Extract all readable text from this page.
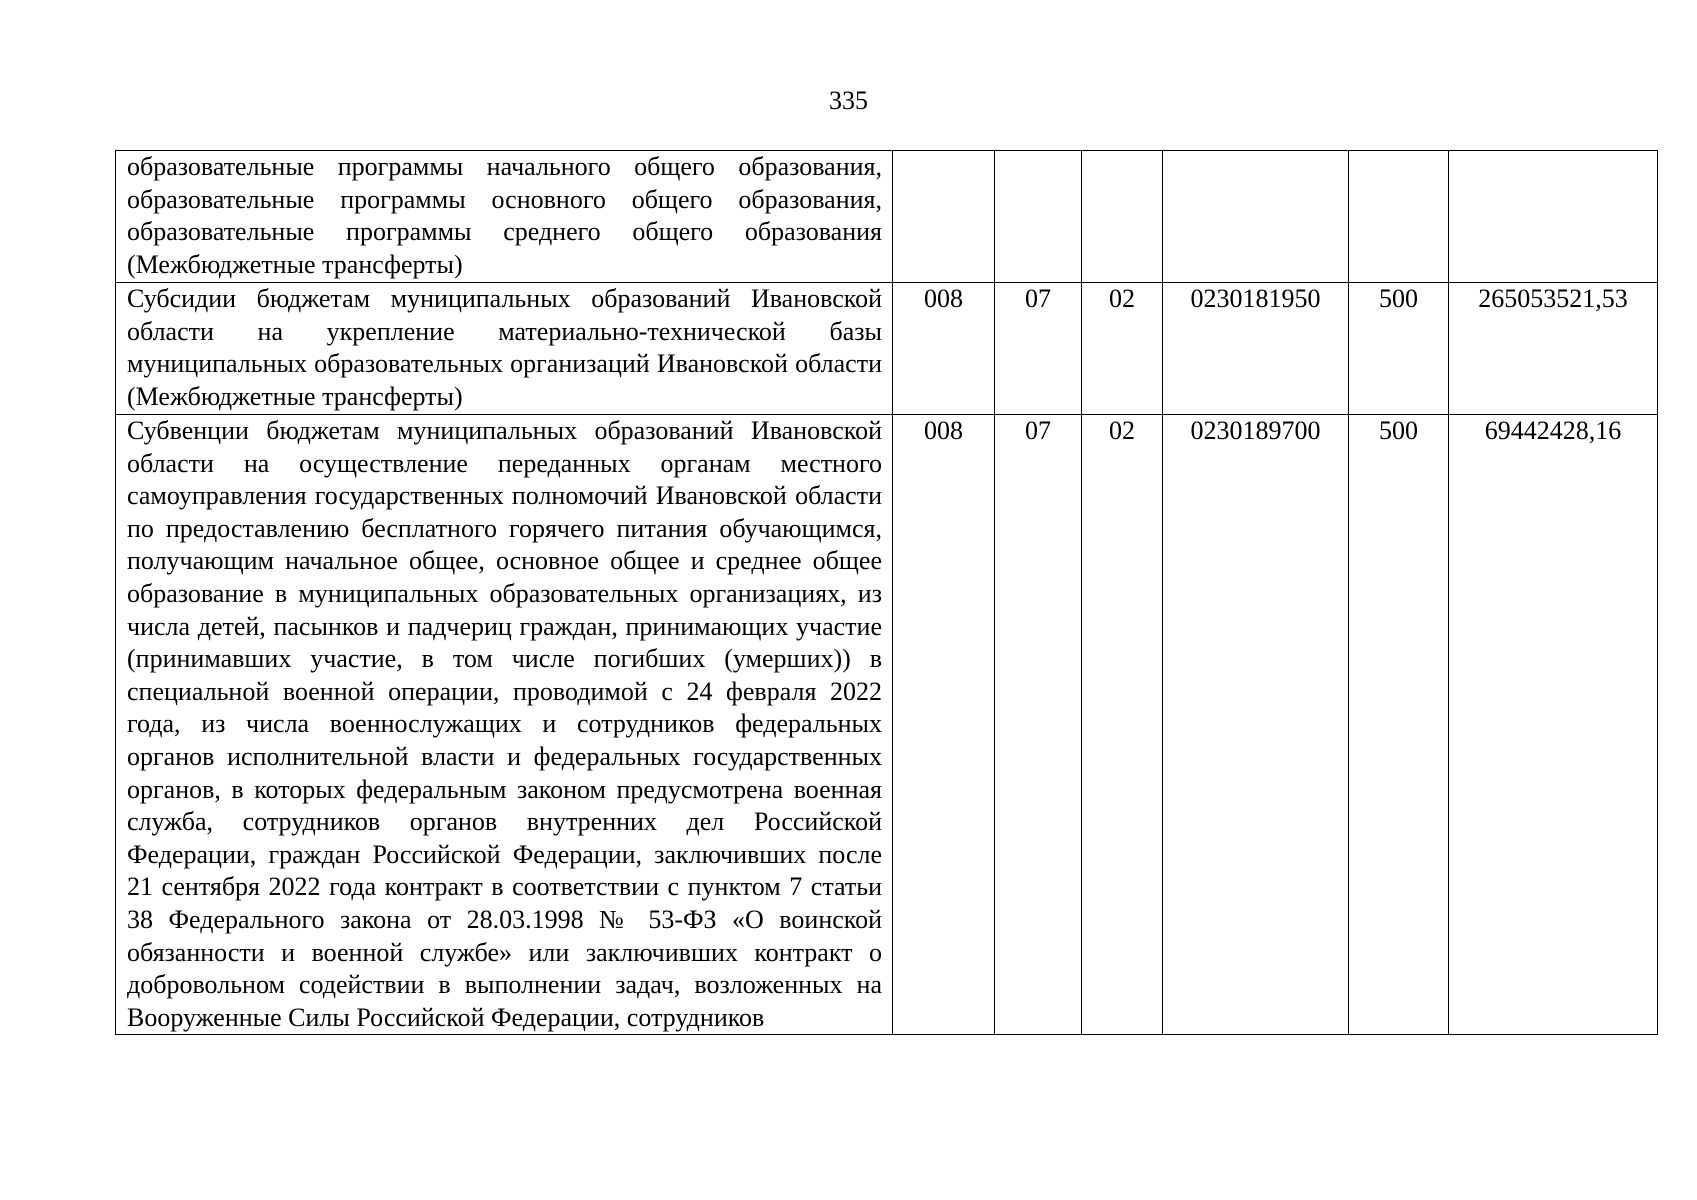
335
образовательные программы начального общего образования, образовательные программы основного общего образования, образовательные программы среднего общего образования (Межбюджетные трансферты)						
Субсидии бюджетам муниципальных образований Ивановской области на укрепление материально-технической базы муниципальных образовательных организаций Ивановской области (Межбюджетные трансферты)	008	07	02	0230181950	500	265053521,53
Субвенции бюджетам муниципальных образований Ивановской области на осуществление переданных органам местного самоуправления государственных полномочий Ивановской области по предоставлению бесплатного горячего питания обучающимся, получающим начальное общее, основное общее и среднее общее образование в муниципальных образовательных организациях, из числа детей, пасынков и падчериц граждан, принимающих участие (принимавших участие, в том числе погибших (умерших)) в специальной военной операции, проводимой с 24 февраля 2022 года, из числа военнослужащих и сотрудников федеральных органов исполнительной власти и федеральных государственных органов, в которых федеральным законом предусмотрена военная служба, сотрудников органов внутренних дел Российской Федерации, граждан Российской Федерации, заключивших после 21 сентября 2022 года контракт в соответствии с пунктом 7 статьи 38 Федерального закона от 28.03.1998 № 53-ФЗ «О воинской обязанности и военной службе» или заключивших контракт о добровольном содействии в выполнении задач, возложенных на Вооруженные Силы Российской Федерации, сотрудников	008	07	02	0230189700	500	69442428,16
